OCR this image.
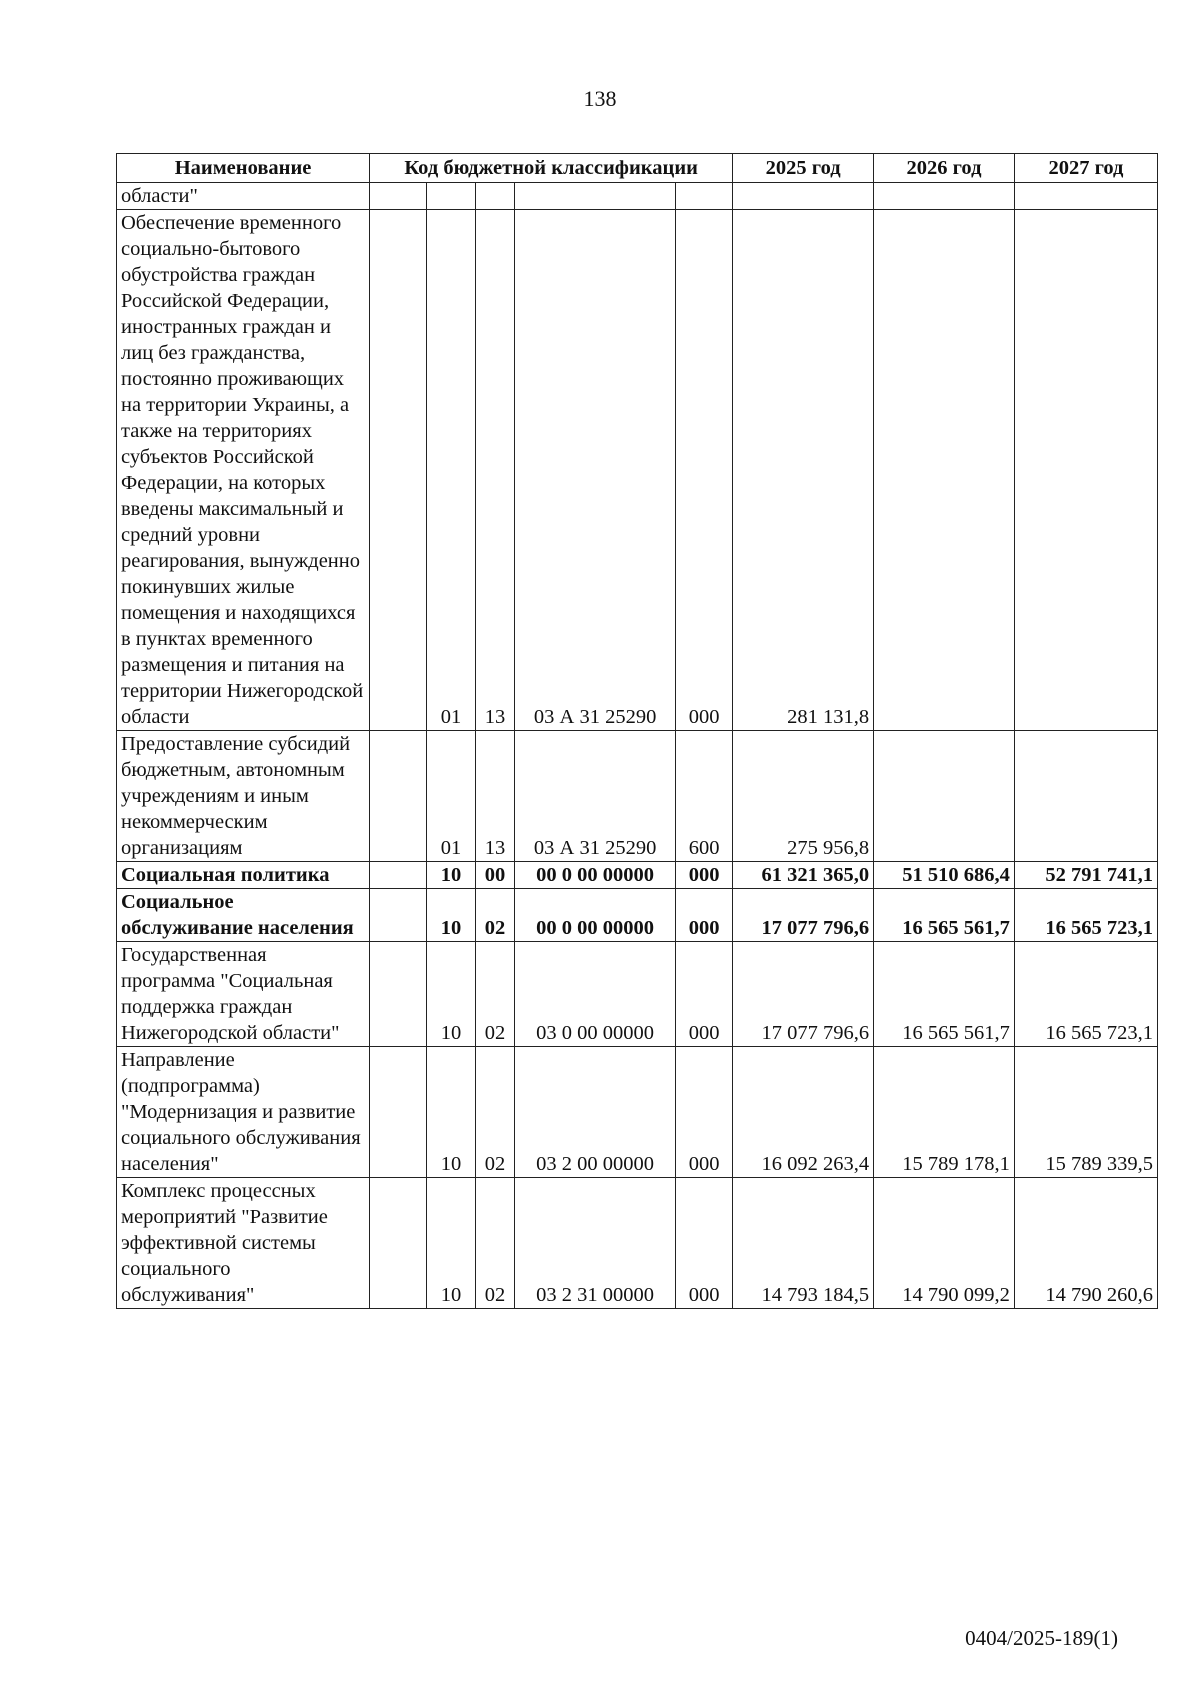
138
Наименование	Код бюджетной классификации					2025 год	2026 год	2027 год
области"								
Обеспечение временного социально-бытового обустройства граждан Российской Федерации, иностранных граждан и лиц без гражданства, постоянно проживающих на территории Украины, а также на территориях субъектов Российской Федерации, на которых введены максимальный и средний уровни реагирования, вынужденно покинувших жилые помещения и находящихся в пунктах временного размещения и питания на территории Нижегородской области		01	13	03 А 31 25290	000	281 131,8		
Предоставление субсидий бюджетным, автономным учреждениям и иным некоммерческим организациям		01	13	03 А 31 25290	600	275 956,8		
Социальная политика		10	00	00 0 00 00000	000	61 321 365,0	51 510 686,4	52 791 741,1
Социальное обслуживание населения		10	02	00 0 00 00000	000	17 077 796,6	16 565 561,7	16 565 723,1
Государственная программа "Социальная поддержка граждан Нижегородской области"		10	02	03 0 00 00000	000	17 077 796,6	16 565 561,7	16 565 723,1
Направление (подпрограмма) "Модернизация и развитие социального обслуживания населения"		10	02	03 2 00 00000	000	16 092 263,4	15 789 178,1	15 789 339,5
Комплекс процессных мероприятий "Развитие эффективной системы социального обслуживания"		10	02	03 2 31 00000	000	14 793 184,5	14 790 099,2	14 790 260,6
0404/2025-189(1)
